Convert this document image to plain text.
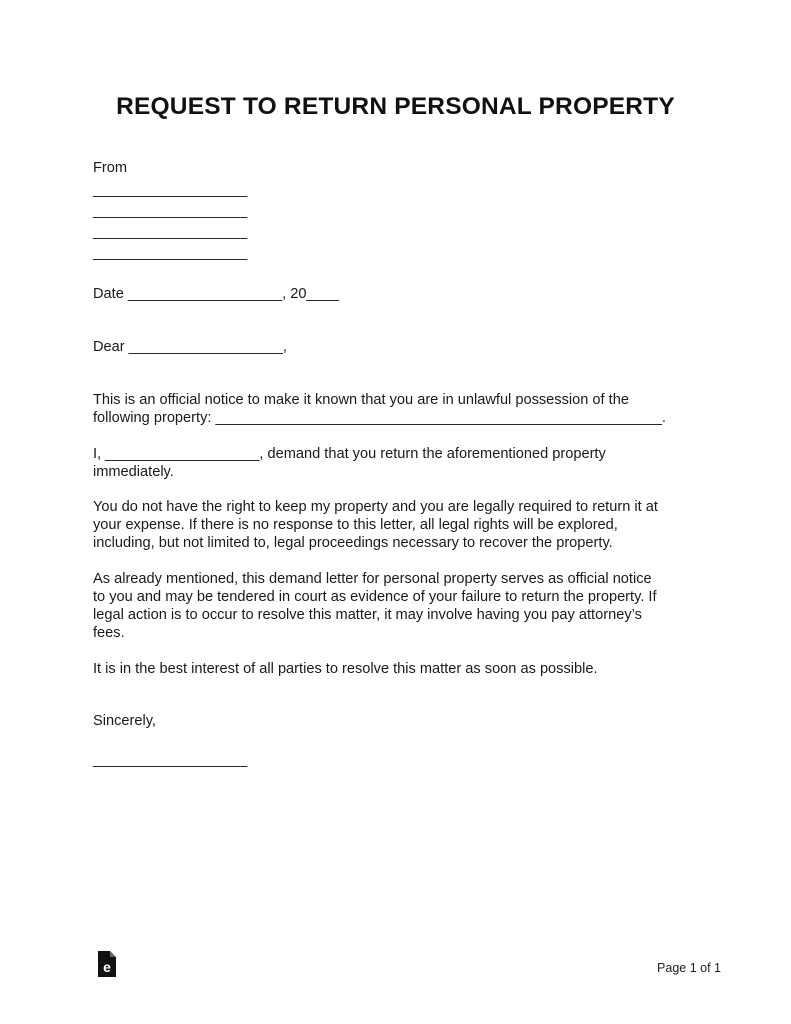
REQUEST TO RETURN PERSONAL PROPERTY
From
___________________
___________________
___________________
___________________
Date ___________________, 20____
Dear ___________________,
This is an official notice to make it known that you are in unlawful possession of the
following property: _______________________________________________________.
I, ___________________, demand that you return the aforementioned property
immediately.
You do not have the right to keep my property and you are legally required to return it at
your expense. If there is no response to this letter, all legal rights will be explored,
including, but not limited to, legal proceedings necessary to recover the property.
As already mentioned, this demand letter for personal property serves as official notice
to you and may be tendered in court as evidence of your failure to return the property. If
legal action is to occur to resolve this matter, it may involve having you pay attorney’s
fees.
It is in the best interest of all parties to resolve this matter as soon as possible.
Sincerely,
___________________
e	Page 1 of 1
